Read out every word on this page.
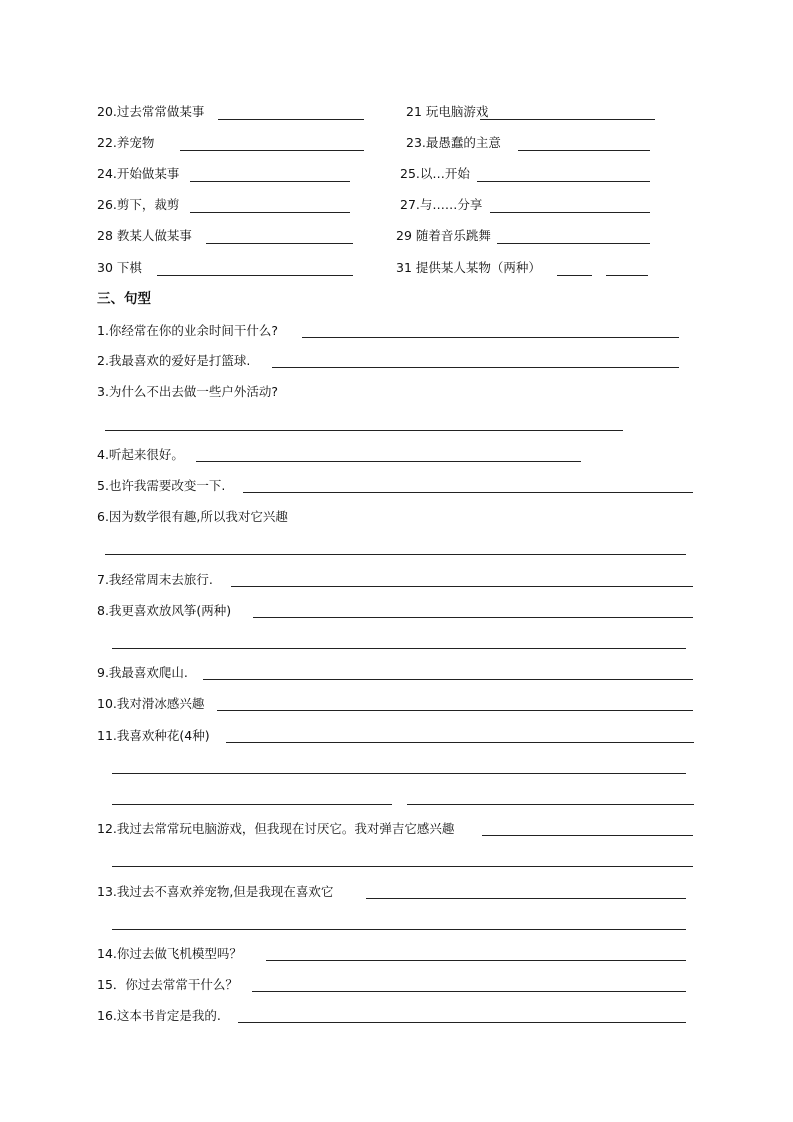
20.过去常常做某事	21 玩电脑游戏
22.养宠物	23.最愚蠢的主意
24.开始做某事	25.以…开始
26.剪下，裁剪	27.与……分享
28 教某人做某事	29 随着音乐跳舞
30 下棋	31 提供某人某物（两种）
三、句型
1.你经常在你的业余时间干什么?
2.我最喜欢的爱好是打篮球.
3.为什么不出去做一些户外活动?
4.听起来很好。
5.也许我需要改变一下.
6.因为数学很有趣,所以我对它兴趣
7.我经常周末去旅行.
8.我更喜欢放风筝(两种)
9.我最喜欢爬山.
10.我对滑冰感兴趣
11.我喜欢种花(4种)
12.我过去常常玩电脑游戏，但我现在讨厌它。我对弹吉它感兴趣
13.我过去不喜欢养宠物,但是我现在喜欢它
14.你过去做飞机模型吗？
15．你过去常常干什么？
16.这本书肯定是我的.
